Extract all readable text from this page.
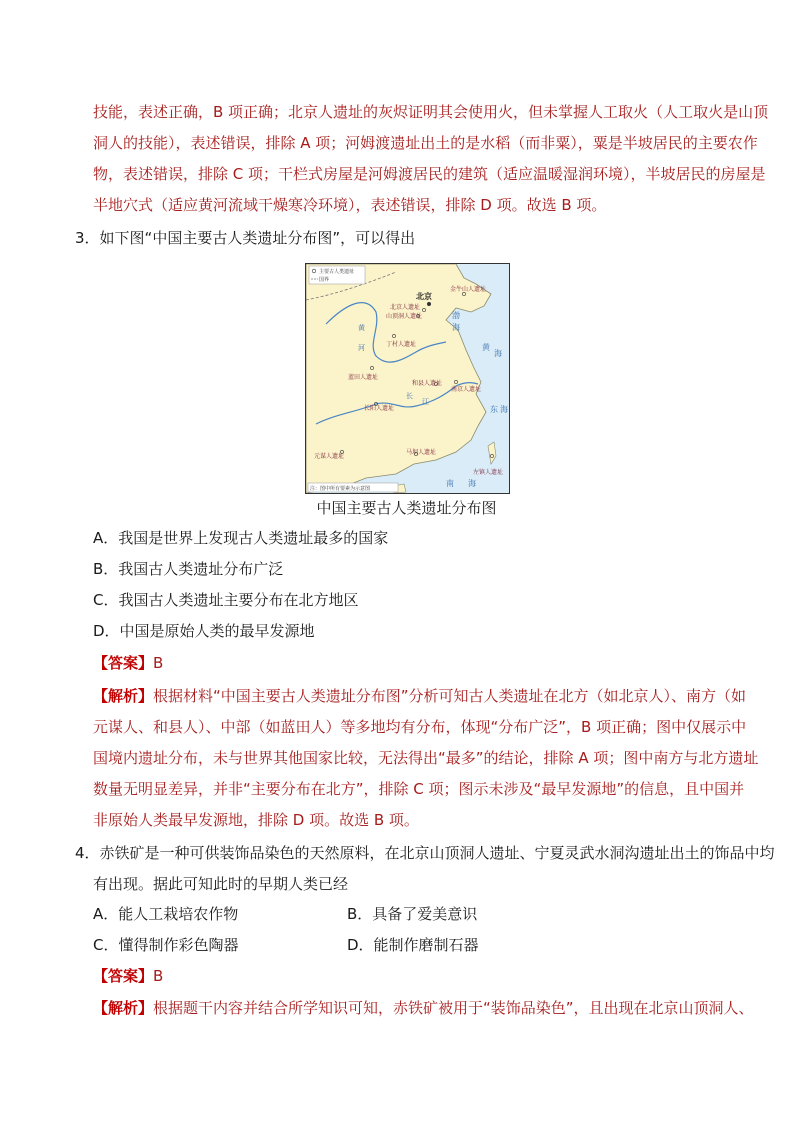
技能，表述正确，B 项正确；北京人遗址的灰烬证明其会使用火，但未掌握人工取火（人工取火是山顶
洞人的技能），表述错误，排除 A 项；河姆渡遗址出土的是水稻（而非粟），粟是半坡居民的主要农作
物，表述错误，排除 C 项；干栏式房屋是河姆渡居民的建筑（适应温暖湿润环境），半坡居民的房屋是
半地穴式（适应黄河流域干燥寒冷环境），表述错误，排除 D 项。故选 B 项。
3．如下图“中国主要古人类遗址分布图”，可以得出
主要古人类遗址
国界
北京
金牛山人遗址
北京人遗址
山顶洞人遗址
丁村人遗址
蓝田人遗址
和县人遗址
南京人遗址
长阳人遗址
元谋人遗址
马坝人遗址
左镇人遗址
渤
海
黄
海
东 海
南 海
黄
河
长
江
注：图中所有要素为示意图
中国主要古人类遗址分布图
A．我国是世界上发现古人类遗址最多的国家
B．我国古人类遗址分布广泛
C．我国古人类遗址主要分布在北方地区
D．中国是原始人类的最早发源地
【答案】B
【解析】根据材料“中国主要古人类遗址分布图”分析可知古人类遗址在北方（如北京人）、南方（如
元谋人、和县人）、中部（如蓝田人）等多地均有分布，体现“分布广泛”，B 项正确；图中仅展示中
国境内遗址分布，未与世界其他国家比较，无法得出“最多”的结论，排除 A 项；图中南方与北方遗址
数量无明显差异，并非“主要分布在北方”，排除 C 项；图示未涉及“最早发源地”的信息，且中国并
非原始人类最早发源地，排除 D 项。故选 B 项。
4．赤铁矿是一种可供装饰品染色的天然原料，在北京山顶洞人遗址、宁夏灵武水洞沟遗址出土的饰品中均
有出现。据此可知此时的早期人类已经
A．能人工栽培农作物	B．具备了爱美意识
C．懂得制作彩色陶器	D．能制作磨制石器
【答案】B
【解析】根据题干内容并结合所学知识可知，赤铁矿被用于“装饰品染色”，且出现在北京山顶洞人、
